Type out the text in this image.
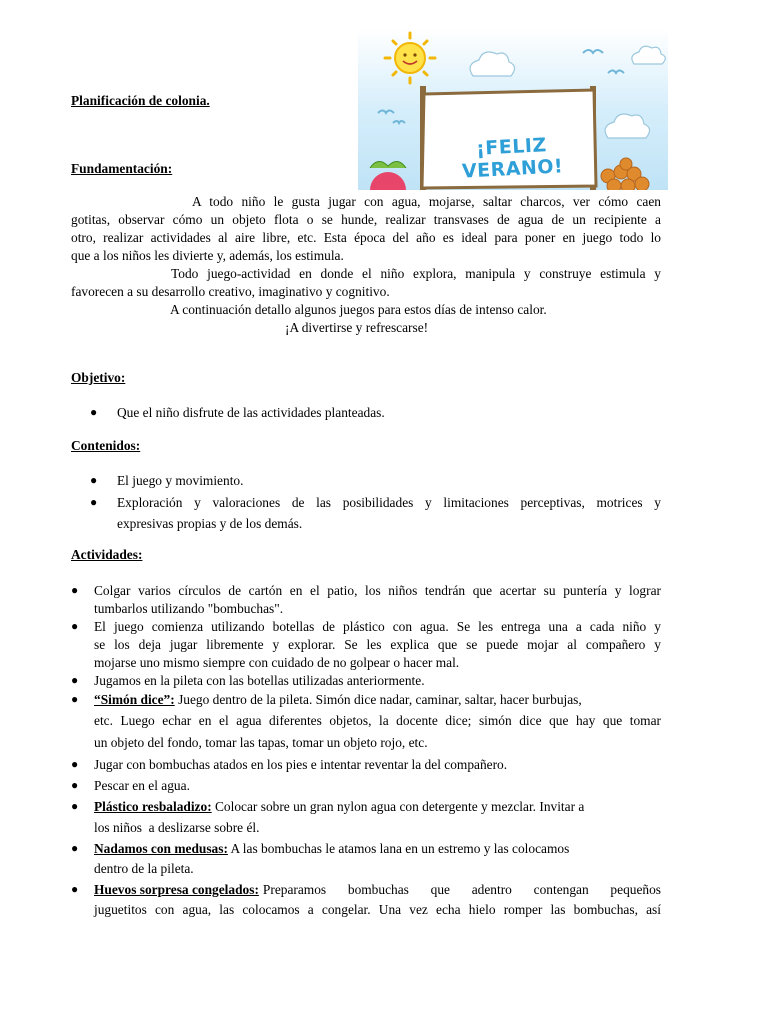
¡FELIZ VERANO!
Planificación de colonia.
Fundamentación:
A todo niño le gusta jugar con agua, mojarse, saltar charcos, ver cómo caen
gotitas, observar cómo un objeto flota o se hunde, realizar transvases de agua de un recipiente a
otro, realizar actividades al aire libre, etc. Esta época del año es ideal para poner en juego todo lo
que a los niños les divierte y, además, los estimula.
Todo juego-actividad en donde el niño explora, manipula y construye estimula y
favorecen a su desarrollo creativo, imaginativo y cognitivo.
A continuación detallo algunos juegos para estos días de intenso calor.
¡A divertirse y refrescarse!
Objetivo:
● Que el niño disfrute de las actividades planteadas.
Contenidos:
● El juego y movimiento.
● Exploración y valoraciones de las posibilidades y limitaciones perceptivas, motrices y
expresivas propias y de los demás.
Actividades:
● Colgar varios círculos de cartón en el patio, los niños tendrán que acertar su puntería y lograr
tumbarlos utilizando "bombuchas".
● El juego comienza utilizando botellas de plástico con agua. Se les entrega una a cada niño y
se los deja jugar libremente y explorar. Se les explica que se puede mojar al compañero y
mojarse uno mismo siempre con cuidado de no golpear o hacer mal.
● Jugamos en la pileta con las botellas utilizadas anteriormente.
● “Simón dice”: Juego dentro de la pileta. Simón dice nadar, caminar, saltar, hacer burbujas,
etc. Luego echar en el agua diferentes objetos, la docente dice; simón dice que hay que tomar
un objeto del fondo, tomar las tapas, tomar un objeto rojo, etc.
● Jugar con bombuchas atados en los pies e intentar reventar la del compañero.
● Pescar en el agua.
● Plástico resbaladizo: Colocar sobre un gran nylon agua con detergente y mezclar. Invitar a
los niños  a deslizarse sobre él.
● Nadamos con medusas: A las bombuchas le atamos lana en un estremo y las colocamos
dentro de la pileta.
● Huevos sorpresa congelados: Preparamos bombuchas que adentro contengan pequeños
juguetitos con agua, las colocamos a congelar. Una vez echa hielo romper las bombuchas, así
